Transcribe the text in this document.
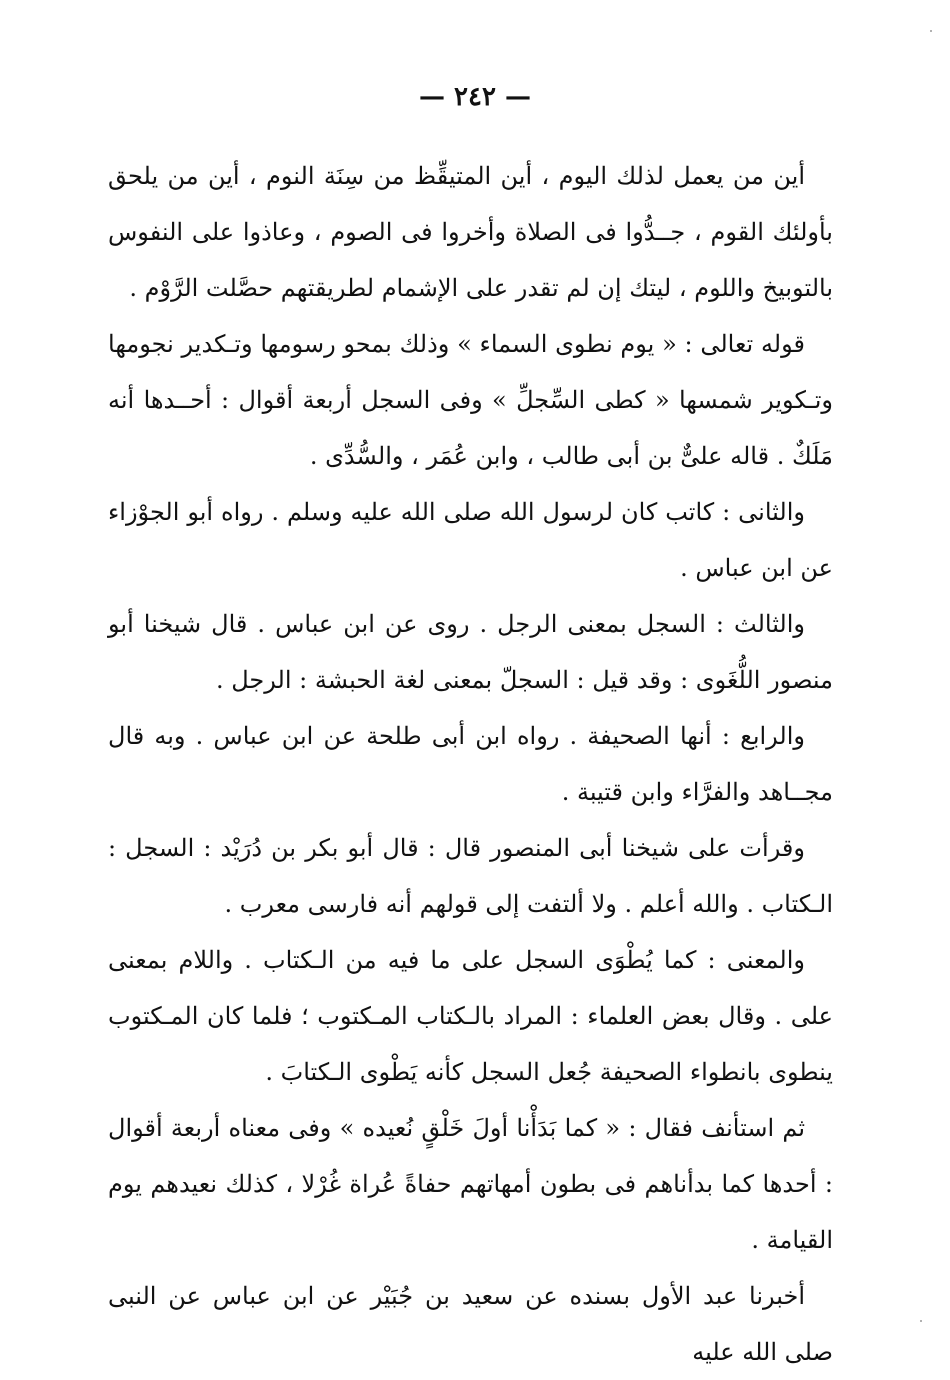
— ٢٤٢ —

أين من يعمل لذلك اليوم ، أين المتيقِّظ من سِنَة النوم ، أين من يلحق بأولئك القوم ، جــدُّوا فى الصلاة وأخروا فى الصوم ، وعاذوا على النفوس بالتوبيخ واللوم ، ليتك إن لم تقدر على الإشمام لطريقتهم حصَّلت الرَّوْم .

قوله تعالى : « يوم نطوى السماء » وذلك بمحو رسومها وتـكدير نجومها وتـكوير شمسها « كطى السِّجلِّ » وفى السجل أربعة أقوال : أحــدها أنه مَلَكٌ . قاله علىٌّ بن أبى طالب ، وابن عُمَر ، والسُّدِّى .

والثانى : كاتب كان لرسول الله صلى الله عليه وسلم . رواه أبو الجوْزاء عن ابن عباس .

والثالث : السجل بمعنى الرجل . روى عن ابن عباس . قال شيخنا أبو منصور اللُّغَوى : وقد قيل : السجلّ بمعنى لغة الحبشة : الرجل .

والرابع : أنها الصحيفة . رواه ابن أبى طلحة عن ابن عباس . وبه قال مجــاهد والفرَّاء وابن قتيبة .

وقرأت على شيخنا أبى المنصور قال : قال أبو بكر بن دُرَيْد : السجل : الـكتاب . والله أعلم . ولا ألتفت إلى قولهم أنه فارسى معرب .

والمعنى : كما يُطْوَى السجل على ما فيه من الـكتاب . واللام بمعنى على . وقال بعض العلماء : المراد بالـكتاب المـكتوب ؛ فلما كان المـكتوب ينطوى بانطواء الصحيفة جُعل السجل كأنه يَطْوى الـكتابَ .

ثم استأنف فقال : « كما بَدَأْنا أولَ خَلْقٍ نُعيده » وفى معناه أربعة أقوال : أحدها كما بدأناهم فى بطون أمهاتهم حفاةً عُراة غُرْلا ، كذلك نعيدهم يوم القيامة .

أخبرنا عبد الأول بسنده عن سعيد بن جُبَيْر عن ابن عباس عن النبى صلى الله عليه
